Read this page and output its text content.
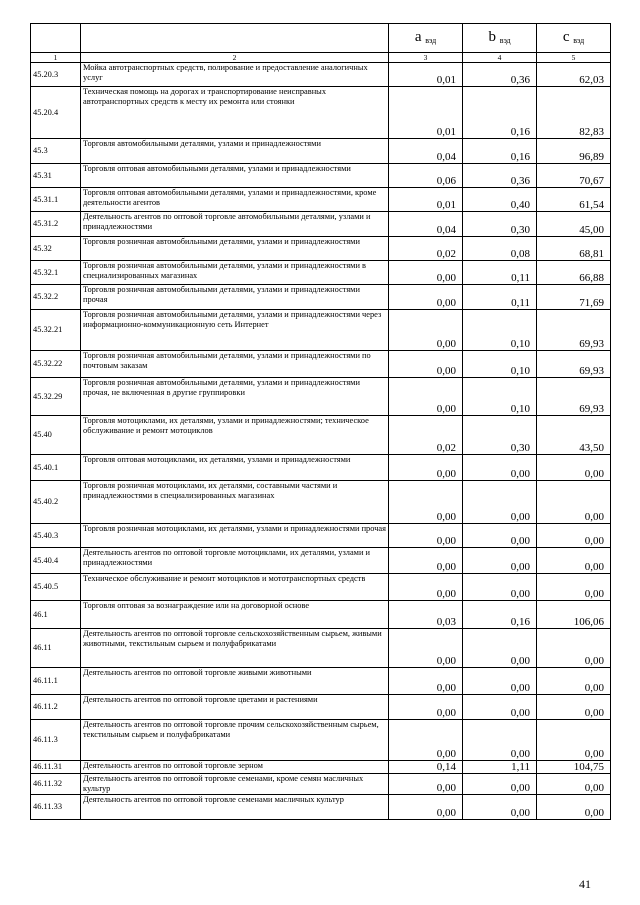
		a $_{вэд}$	b $_{вэд}$	c $_{вэд}$
1	2	3	4	5
45.20.3	Мойка автотранспортных средств, полирование и предоставление аналогичных услуг	0,01	0,36	62,03
45.20.4	Техническая помощь на дорогах и транспортирование неисправных автотранспортных средств к месту их ремонта или стоянки	0,01	0,16	82,83
45.3	Торговля автомобильными деталями, узлами и принадлежностями	0,04	0,16	96,89
45.31	Торговля оптовая автомобильными деталями, узлами и принадлежностями	0,06	0,36	70,67
45.31.1	Торговля оптовая автомобильными деталями, узлами и принадлежностями, кроме деятельности агентов	0,01	0,40	61,54
45.31.2	Деятельность агентов по оптовой торговле автомобильными деталями, узлами и принадлежностями	0,04	0,30	45,00
45.32	Торговля розничная автомобильными деталями, узлами и принадлежностями	0,02	0,08	68,81
45.32.1	Торговля розничная автомобильными деталями, узлами и принадлежностями в специализированных магазинах	0,00	0,11	66,88
45.32.2	Торговля розничная автомобильными деталями, узлами и принадлежностями прочая	0,00	0,11	71,69
45.32.21	Торговля розничная автомобильными деталями, узлами и принадлежностями через информационно-коммуникационную сеть Интернет	0,00	0,10	69,93
45.32.22	Торговля розничная автомобильными деталями, узлами и принадлежностями по почтовым заказам	0,00	0,10	69,93
45.32.29	Торговля розничная автомобильными деталями, узлами и принадлежностями прочая, не включенная в другие группировки	0,00	0,10	69,93
45.40	Торговля мотоциклами, их деталями, узлами и принадлежностями; техническое обслуживание и ремонт мотоциклов	0,02	0,30	43,50
45.40.1	Торговля оптовая мотоциклами, их деталями, узлами и принадлежностями	0,00	0,00	0,00
45.40.2	Торговля розничная мотоциклами, их деталями, составными частями и принадлежностями в специализированных магазинах	0,00	0,00	0,00
45.40.3	Торговля розничная мотоциклами, их деталями, узлами и принадлежностями прочая	0,00	0,00	0,00
45.40.4	Деятельность агентов по оптовой торговле мотоциклами, их деталями, узлами и принадлежностями	0,00	0,00	0,00
45.40.5	Техническое обслуживание и ремонт мотоциклов и мототранспортных средств	0,00	0,00	0,00
46.1	Торговля оптовая за вознаграждение или на договорной основе	0,03	0,16	106,06
46.11	Деятельность агентов по оптовой торговле сельскохозяйственным сырьем, живыми животными, текстильным сырьем и полуфабрикатами	0,00	0,00	0,00
46.11.1	Деятельность агентов по оптовой торговле живыми животными	0,00	0,00	0,00
46.11.2	Деятельность агентов по оптовой торговле цветами и растениями	0,00	0,00	0,00
46.11.3	Деятельность агентов по оптовой торговле прочим сельскохозяйственным сырьем, текстильным сырьем и полуфабрикатами	0,00	0,00	0,00
46.11.31	Деятельность агентов по оптовой торговле зерном	0,14	1,11	104,75
46.11.32	Деятельность агентов по оптовой торговле семенами, кроме семян масличных культур	0,00	0,00	0,00
46.11.33	Деятельность агентов по оптовой торговле семенами масличных культур	0,00	0,00	0,00
41
